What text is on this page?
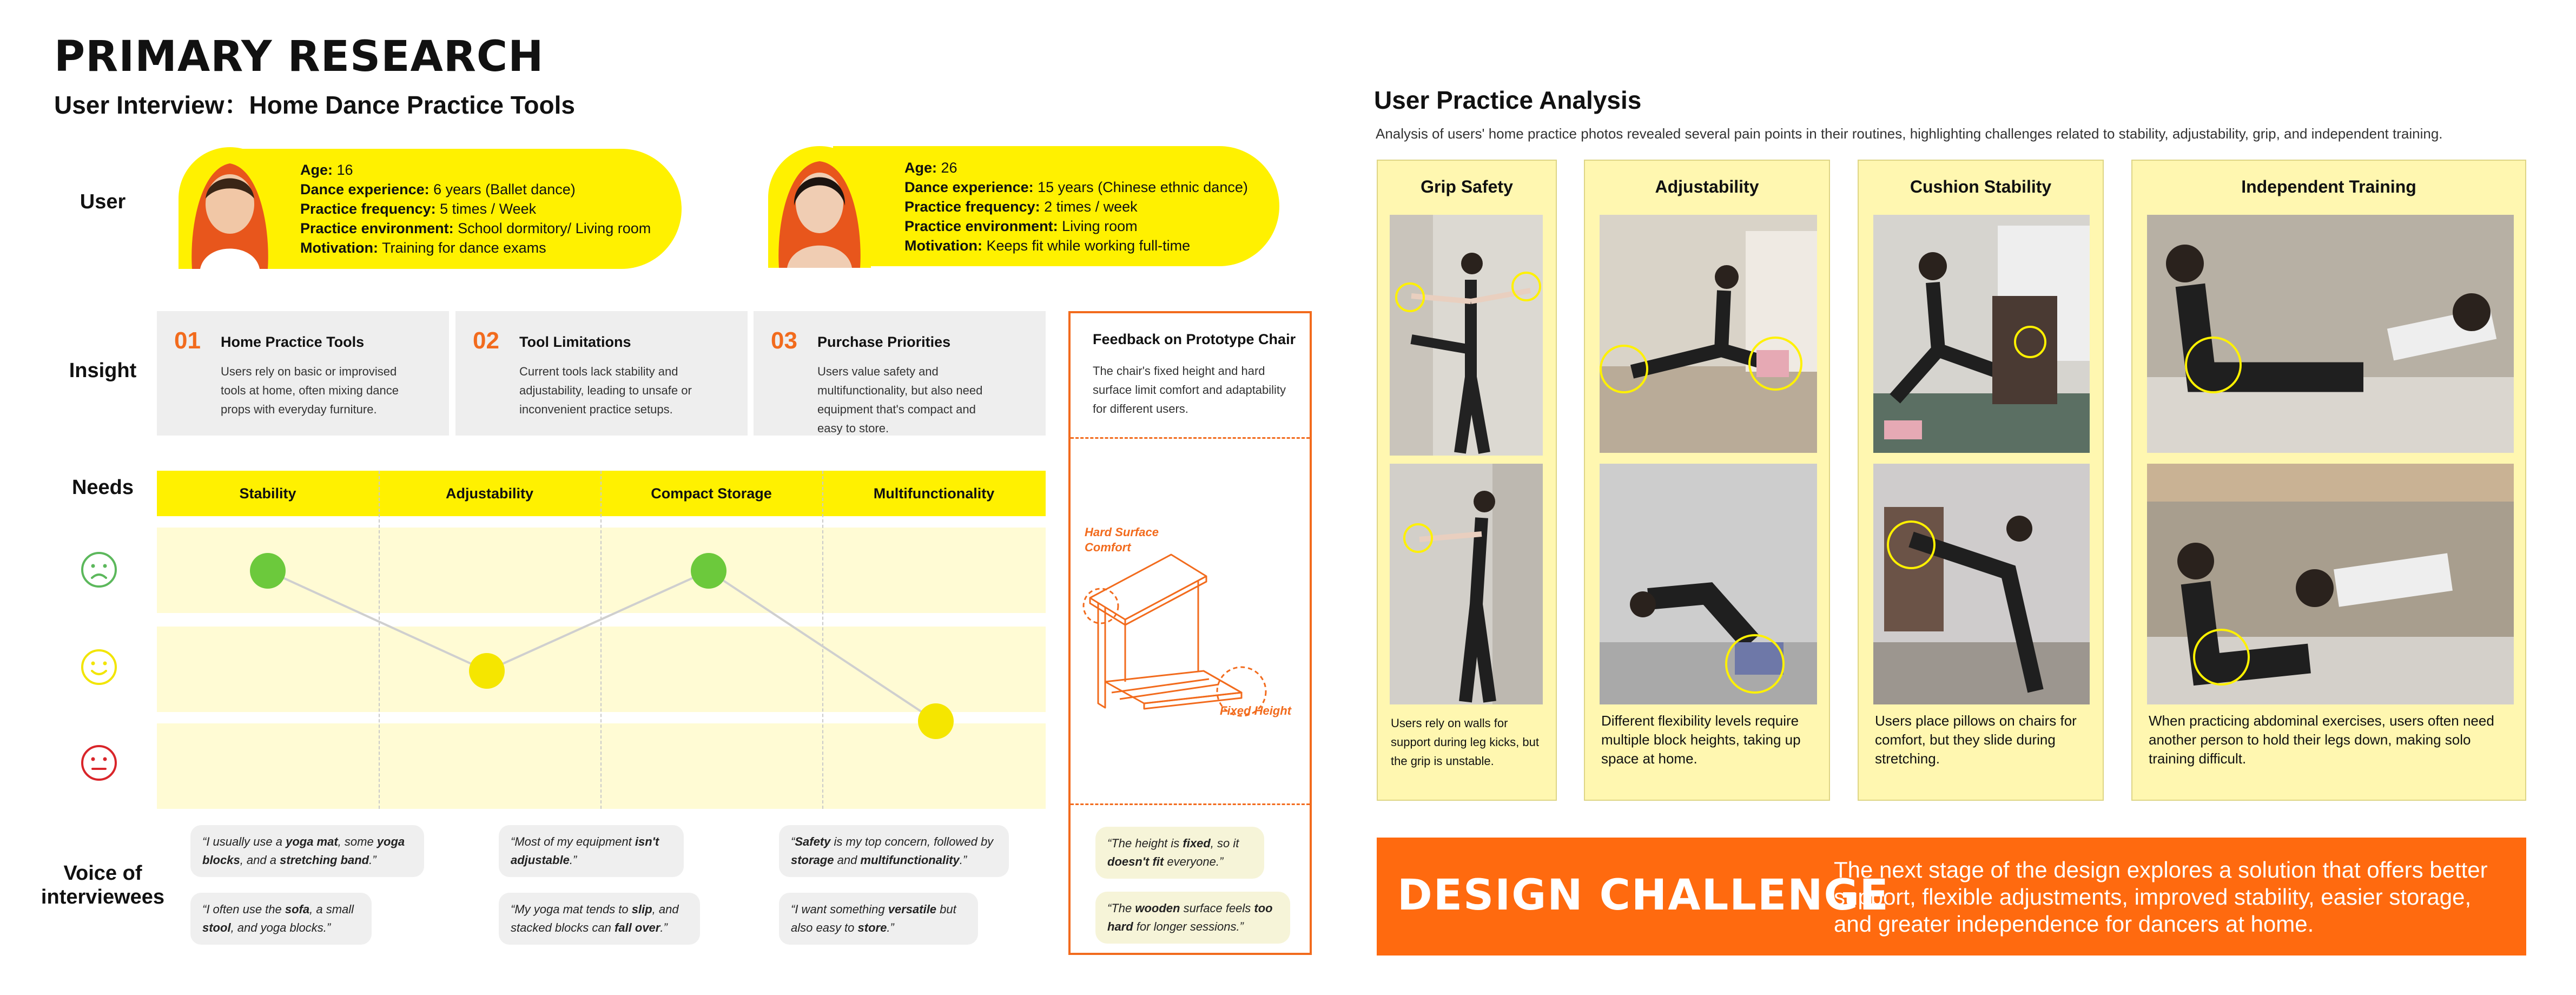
PRIMARY RESEARCH
User Interview：Home Dance Practice Tools
User
Insight
Needs
Voice of
interviewees
Age: 16
Dance experience: 6 years (Ballet dance)
Practice frequency: 5 times / Week
Practice environment: School dormitory/ Living room
Motivation: Training for dance exams
Age: 26
Dance experience: 15 years (Chinese ethnic dance)
Practice frequency: 2 times / week
Practice environment: Living room
Motivation: Keeps fit while working full-time
01 Home Practice Tools
Users rely on basic or improvised tools at home, often mixing dance props with everyday furniture.
02 Tool Limitations
Current tools lack stability and adjustability, leading to unsafe or inconvenient practice setups.
03 Purchase Priorities
Users value safety and multifunctionality, but also need equipment that's compact and easy to store.
Stability	Adjustability	Compact Storage	Multifunctionality
“I usually use a yoga mat, some yoga blocks, and a stretching band.”
“I often use the sofa, a small stool, and yoga blocks.”
“Most of my equipment isn't adjustable.”
“My yoga mat tends to slip, and stacked blocks can fall over.”
“Safety is my top concern, followed by storage and multifunctionality.”
“I want something versatile but also easy to store.”
Feedback on Prototype Chair
The chair's fixed height and hard surface limit comfort and adaptability for different users.
Hard Surface Comfort
Fixed Height
“The height is fixed, so it doesn't fit everyone.”
“The wooden surface feels too hard for longer sessions.”
User Practice Analysis
Analysis of users' home practice photos revealed several pain points in their routines, highlighting challenges related to stability, adjustability, grip, and independent training.
Grip Safety
Users rely on walls for support during leg kicks, but the grip is unstable.
Adjustability
Different flexibility levels require multiple block heights, taking up space at home.
Cushion Stability
Users place pillows on chairs for comfort, but they slide during stretching.
Independent Training
When practicing abdominal exercises, users often need another person to hold their legs down, making solo training difficult.
DESIGN CHALLENGE
The next stage of the design explores a solution that offers better support, flexible adjustments, improved stability, easier storage, and greater independence for dancers at home.
